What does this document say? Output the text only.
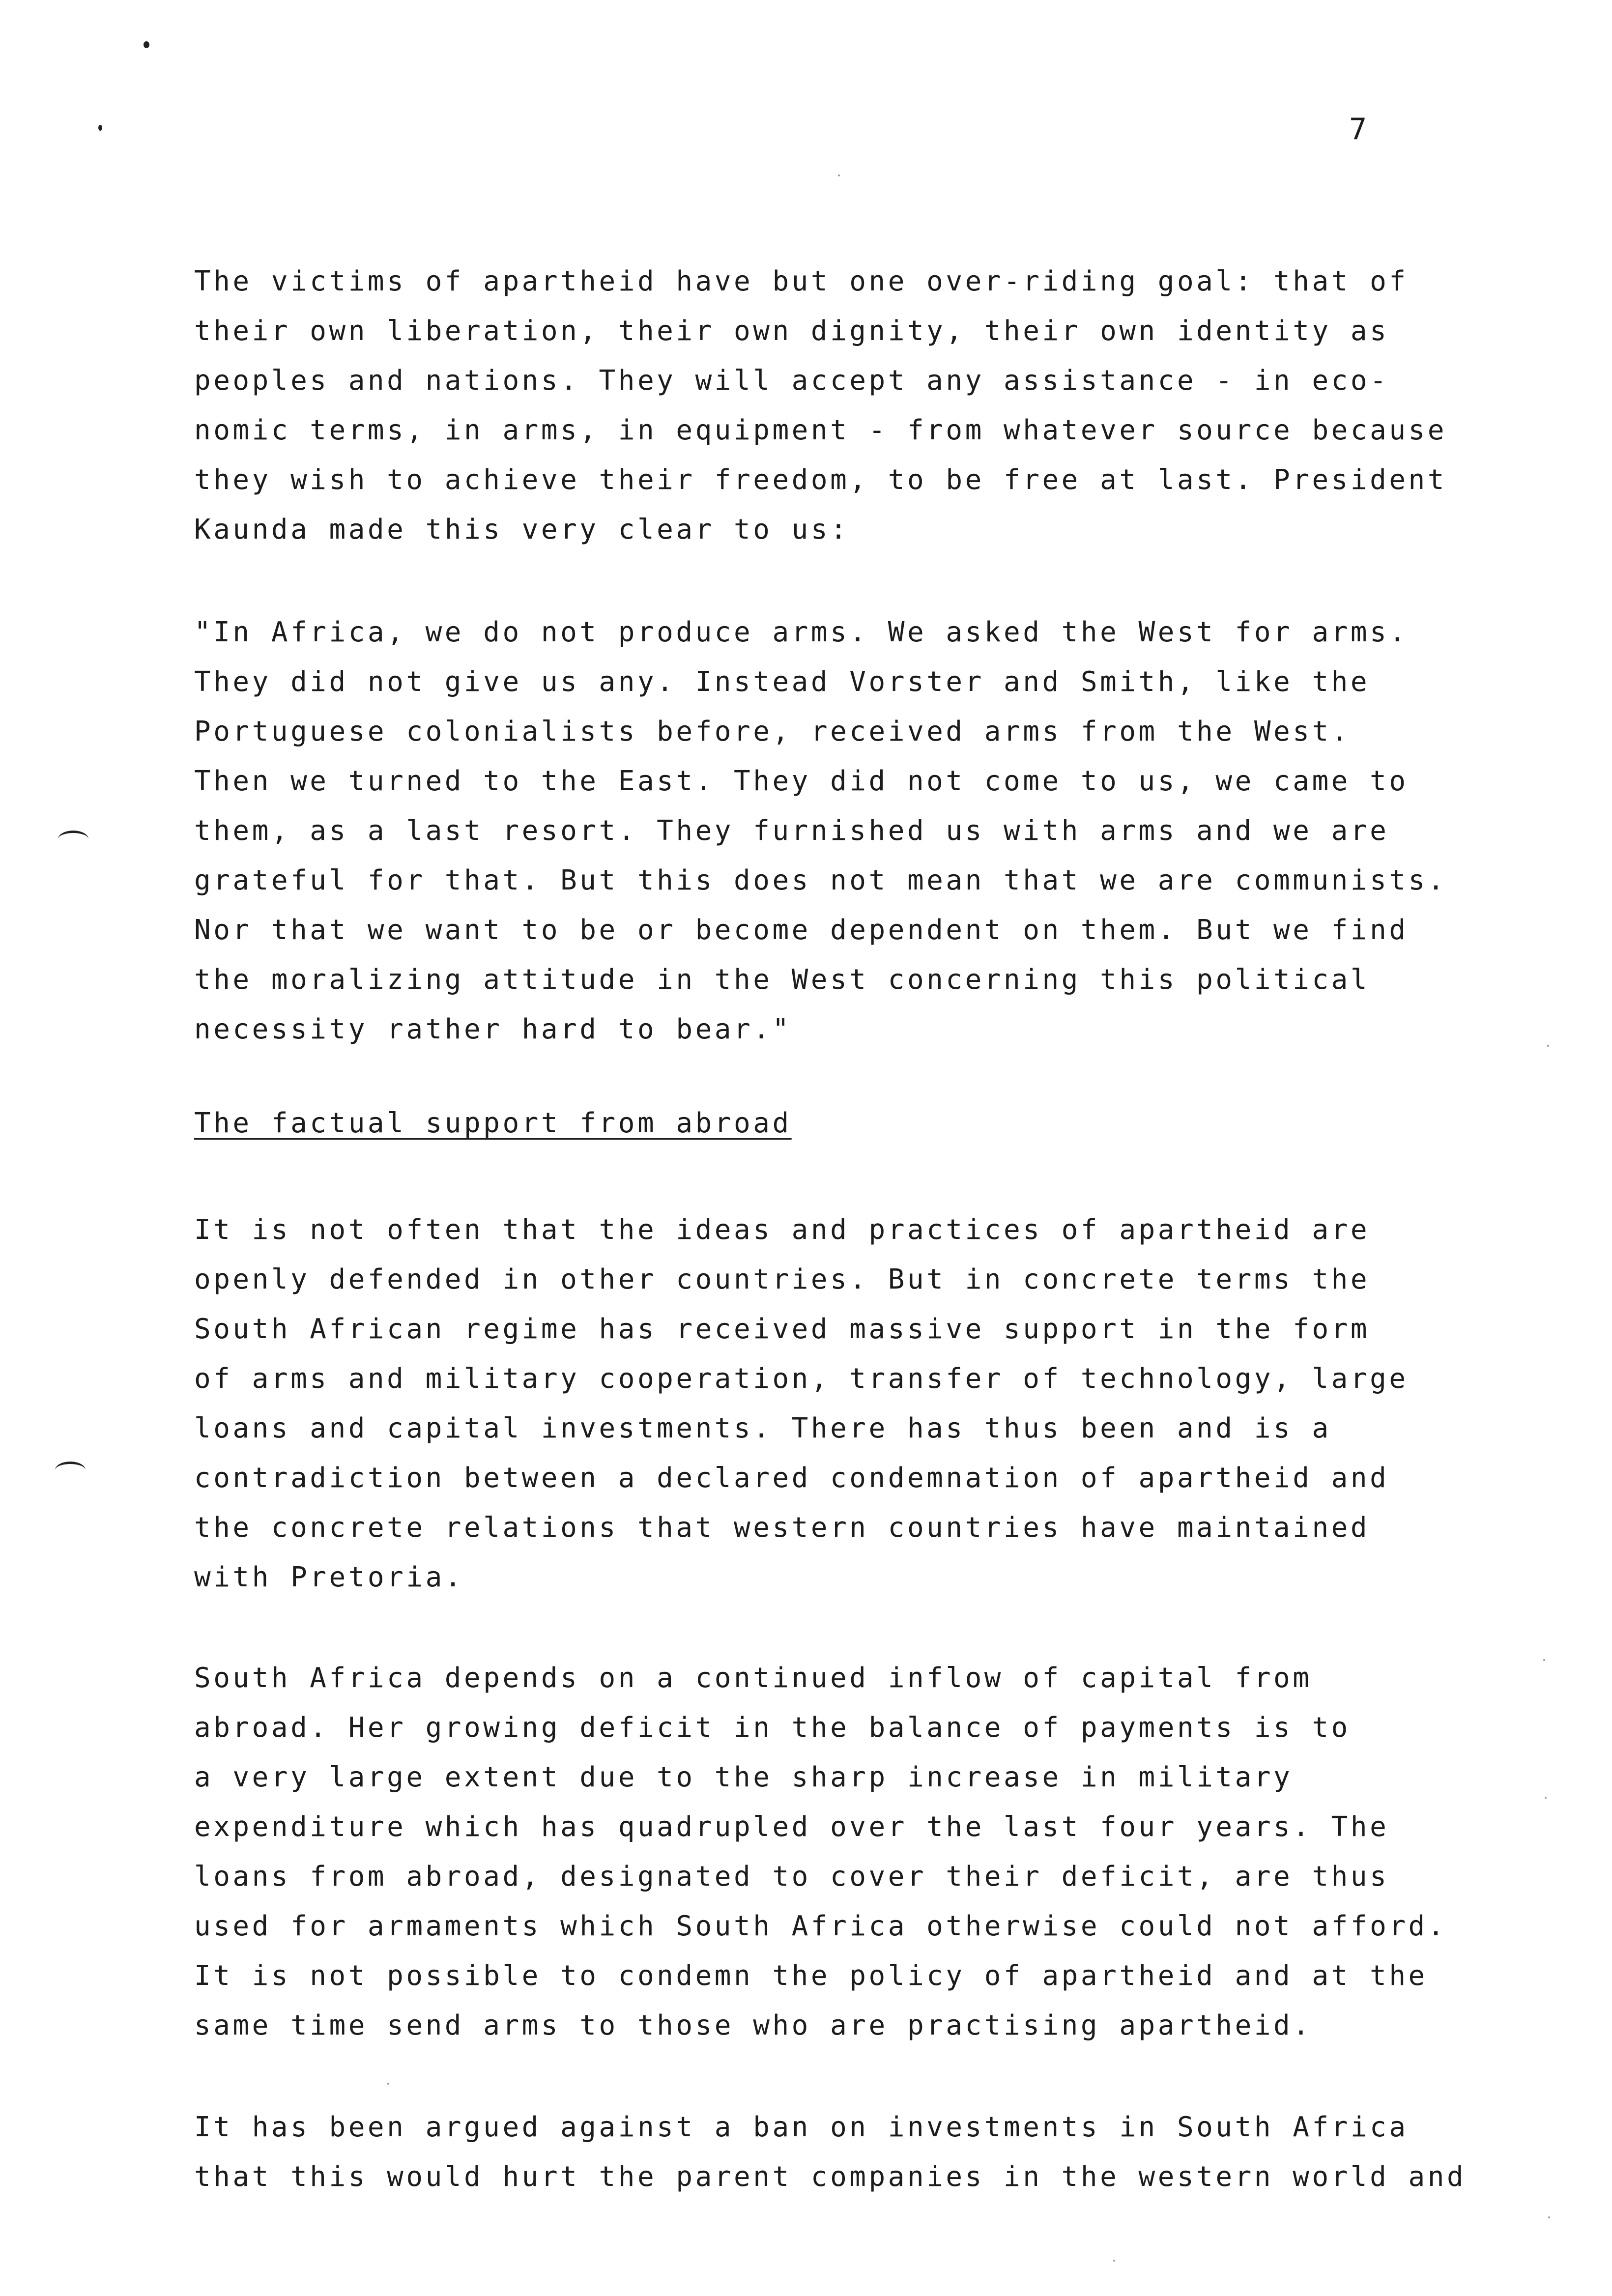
7
The victims of apartheid have but one over-riding goal: that of
their own liberation, their own dignity, their own identity as
peoples and nations. They will accept any assistance - in eco-
nomic terms, in arms, in equipment - from whatever source because
they wish to achieve their freedom, to be free at last. President
Kaunda made this very clear to us:
"In Africa, we do not produce arms. We asked the West for arms.
They did not give us any. Instead Vorster and Smith, like the
Portuguese colonialists before, received arms from the West.
Then we turned to the East. They did not come to us, we came to
them, as a last resort. They furnished us with arms and we are
grateful for that. But this does not mean that we are communists.
Nor that we want to be or become dependent on them. But we find
the moralizing attitude in the West concerning this political
necessity rather hard to bear."
The factual support from abroad
It is not often that the ideas and practices of apartheid are
openly defended in other countries. But in concrete terms the
South African regime has received massive support in the form
of arms and military cooperation, transfer of technology, large
loans and capital investments. There has thus been and is a
contradiction between a declared condemnation of apartheid and
the concrete relations that western countries have maintained
with Pretoria.
South Africa depends on a continued inflow of capital from
abroad. Her growing deficit in the balance of payments is to
a very large extent due to the sharp increase in military
expenditure which has quadrupled over the last four years. The
loans from abroad, designated to cover their deficit, are thus
used for armaments which South Africa otherwise could not afford.
It is not possible to condemn the policy of apartheid and at the
same time send arms to those who are practising apartheid.
It has been argued against a ban on investments in South Africa
that this would hurt the parent companies in the western world and
